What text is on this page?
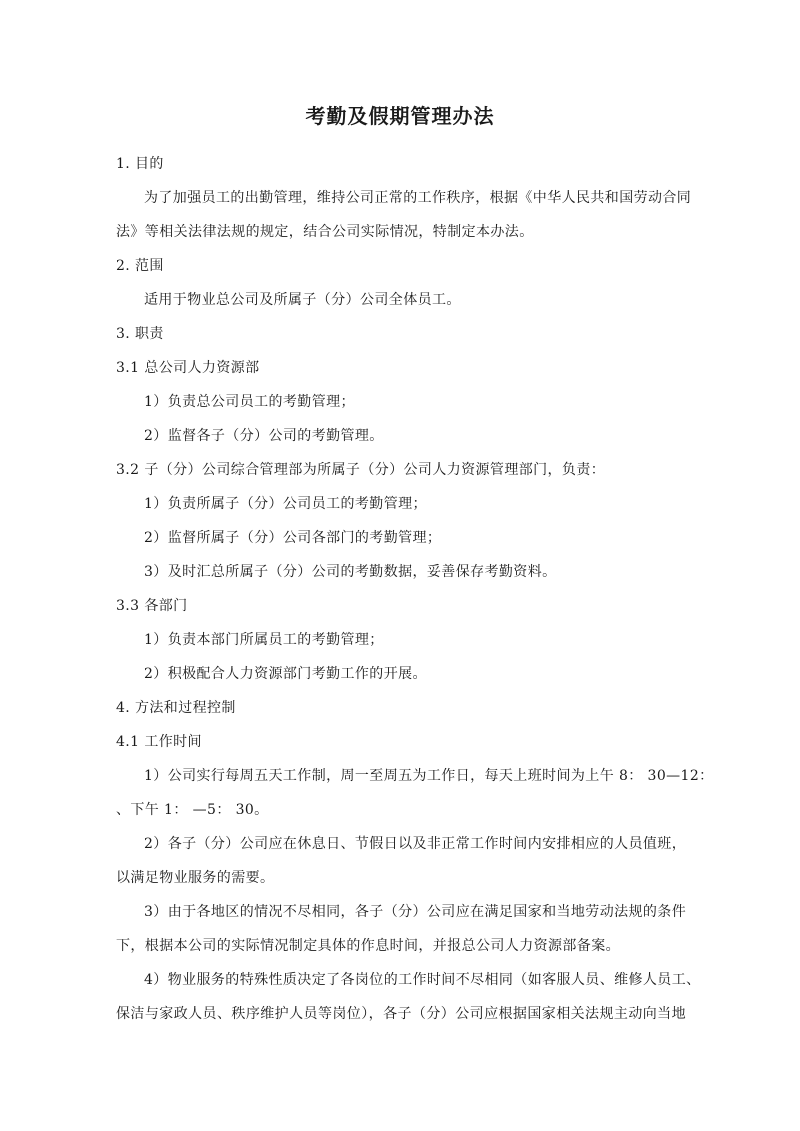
考勤及假期管理办法
1. 目的
为了加强员工的出勤管理，维持公司正常的工作秩序，根据《中华人民共和国劳动合同
法》等相关法律法规的规定，结合公司实际情况，特制定本办法。
2. 范围
适用于物业总公司及所属子（分）公司全体员工。
3. 职责
3.1 总公司人力资源部
1）负责总公司员工的考勤管理；
2）监督各子（分）公司的考勤管理。
3.2 子（分）公司综合管理部为所属子（分）公司人力资源管理部门，负责：
1）负责所属子（分）公司员工的考勤管理；
2）监督所属子（分）公司各部门的考勤管理；
3）及时汇总所属子（分）公司的考勤数据，妥善保存考勤资料。
3.3 各部门
1）负责本部门所属员工的考勤管理；
2）积极配合人力资源部门考勤工作的开展。
4. 方法和过程控制
4.1 工作时间
1）公司实行每周五天工作制，周一至周五为工作日，每天上班时间为上午 8： 30—12：
、下午 1： —5： 30。
2）各子（分）公司应在休息日、节假日以及非正常工作时间内安排相应的人员值班，
以满足物业服务的需要。
3）由于各地区的情况不尽相同，各子（分）公司应在满足国家和当地劳动法规的条件
下，根据本公司的实际情况制定具体的作息时间，并报总公司人力资源部备案。
4）物业服务的特殊性质决定了各岗位的工作时间不尽相同（如客服人员、维修人员工、
保洁与家政人员、秩序维护人员等岗位），各子（分）公司应根据国家相关法规主动向当地
